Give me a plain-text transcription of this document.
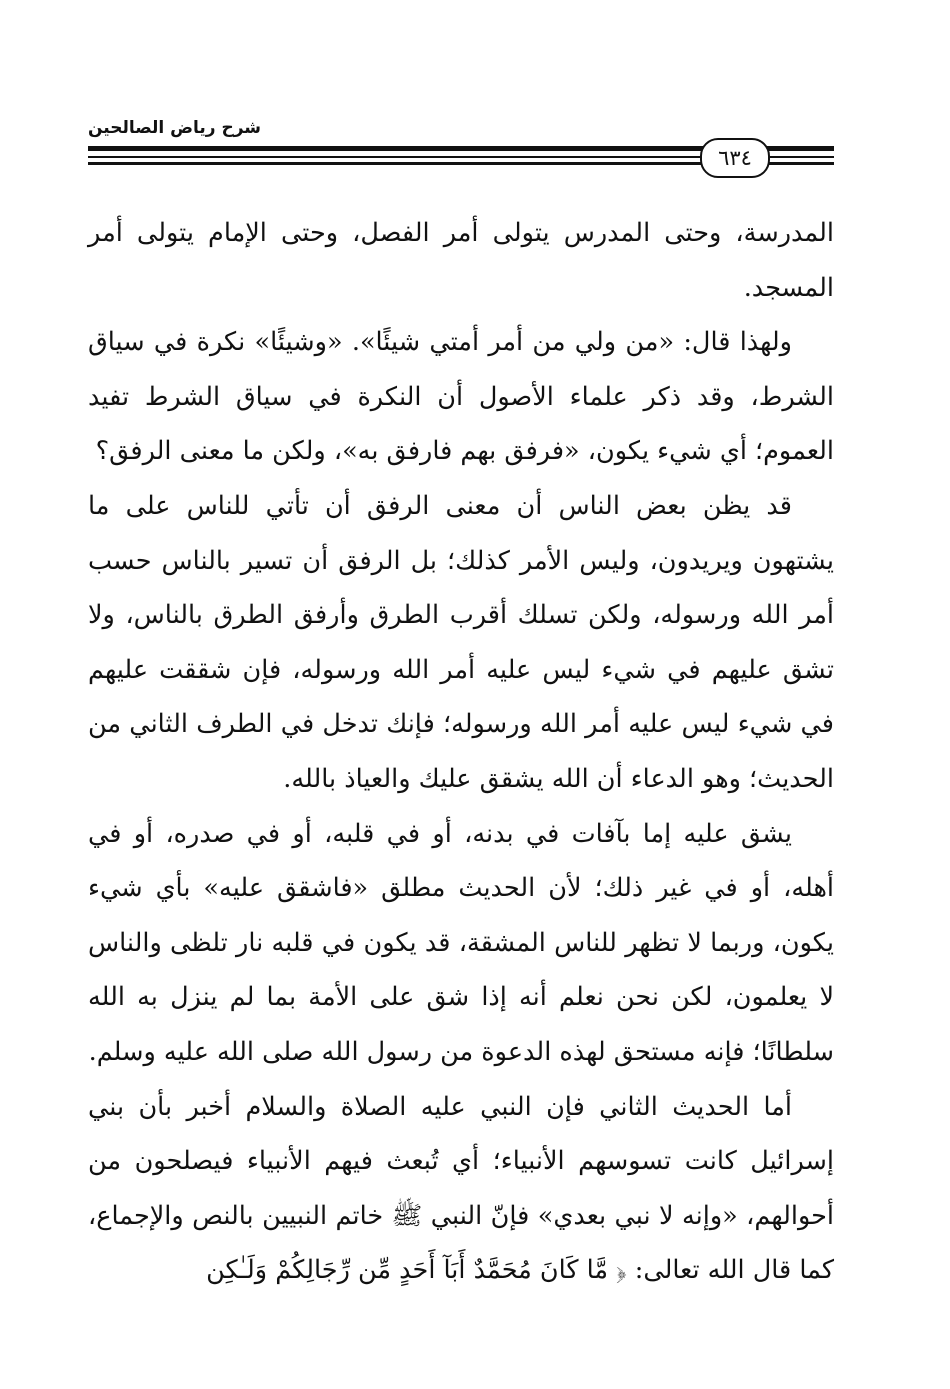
شرح رياض الصالحين
٦٣٤

المدرسة، وحتى المدرس يتولى أمر الفصل، وحتى الإمام يتولى أمر المسجد.

ولهذا قال: «من ولي من أمر أمتي شيئًا». «وشيئًا» نكرة في سياق الشرط، وقد ذكر علماء الأصول أن النكرة في سياق الشرط تفيد العموم؛ أي شيء يكون، «فرفق بهم فارفق به»، ولكن ما معنى الرفق؟

قد يظن بعض الناس أن معنى الرفق أن تأتي للناس على ما يشتهون ويريدون، وليس الأمر كذلك؛ بل الرفق أن تسير بالناس حسب أمر الله ورسوله، ولكن تسلك أقرب الطرق وأرفق الطرق بالناس، ولا تشق عليهم في شيء ليس عليه أمر الله ورسوله، فإن شققت عليهم في شيء ليس عليه أمر الله ورسوله؛ فإنك تدخل في الطرف الثاني من الحديث؛ وهو الدعاء أن الله يشقق عليك والعياذ بالله.

يشق عليه إما بآفات في بدنه، أو في قلبه، أو في صدره، أو في أهله، أو في غير ذلك؛ لأن الحديث مطلق «فاشقق عليه» بأي شيء يكون، وربما لا تظهر للناس المشقة، قد يكون في قلبه نار تلظى والناس لا يعلمون، لكن نحن نعلم أنه إذا شق على الأمة بما لم ينزل به الله سلطانًا؛ فإنه مستحق لهذه الدعوة من رسول الله صلى الله عليه وسلم.

أما الحديث الثاني فإن النبي عليه الصلاة والسلام أخبر بأن بني إسرائيل كانت تسوسهم الأنبياء؛ أي تُبعث فيهم الأنبياء فيصلحون من أحوالهم، «وإنه لا نبي بعدي» فإنّ النبي ﷺ خاتم النبيين بالنص والإجماع، كما قال الله تعالى: ﴿ مَّا كَانَ مُحَمَّدٌ أَبَآ أَحَدٍ مِّن رِّجَالِكُمْ وَلَـٰكِن
